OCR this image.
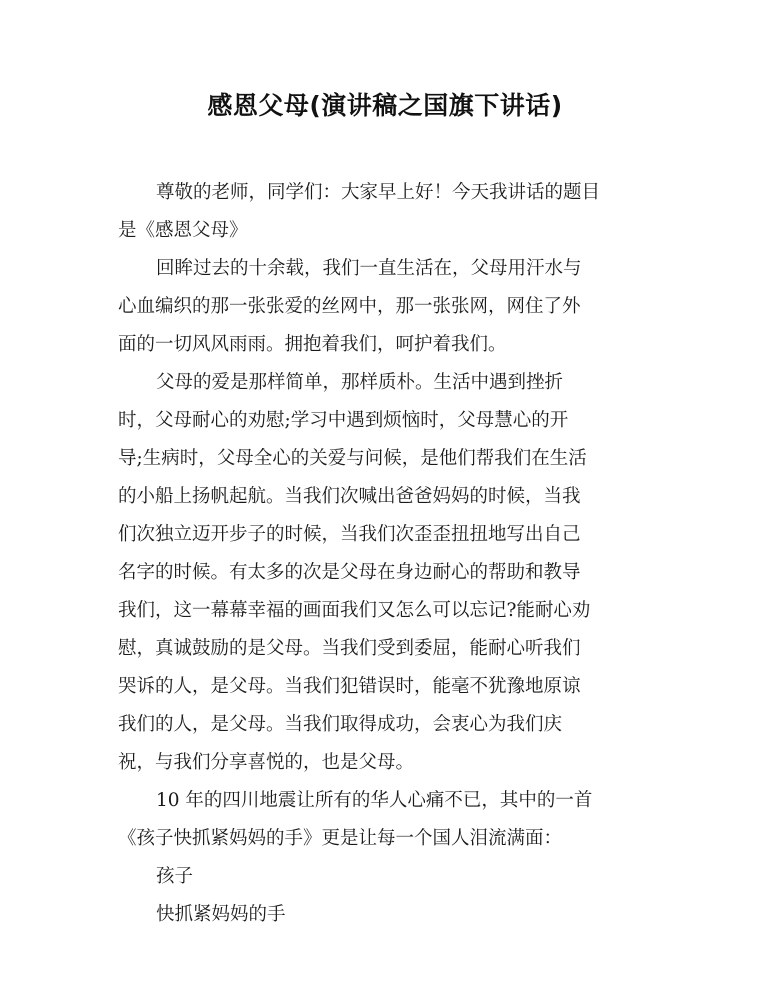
感恩父母(演讲稿之国旗下讲话)
尊敬的老师，同学们：大家早上好！今天我讲话的题目
是《感恩父母》
回眸过去的十余载，我们一直生活在，父母用汗水与
心血编织的那一张张爱的丝网中，那一张张网，网住了外
面的一切风风雨雨。拥抱着我们，呵护着我们。
父母的爱是那样简单，那样质朴。生活中遇到挫折
时，父母耐心的劝慰;学习中遇到烦恼时，父母慧心的开
导;生病时，父母全心的关爱与问候，是他们帮我们在生活
的小船上扬帆起航。当我们次喊出爸爸妈妈的时候，当我
们次独立迈开步子的时候，当我们次歪歪扭扭地写出自己
名字的时候。有太多的次是父母在身边耐心的帮助和教导
我们，这一幕幕幸福的画面我们又怎么可以忘记?能耐心劝
慰，真诚鼓励的是父母。当我们受到委屈，能耐心听我们
哭诉的人，是父母。当我们犯错误时，能毫不犹豫地原谅
我们的人，是父母。当我们取得成功，会衷心为我们庆
祝，与我们分享喜悦的，也是父母。
10 年的四川地震让所有的华人心痛不已，其中的一首
《孩子快抓紧妈妈的手》更是让每一个国人泪流满面：
孩子
快抓紧妈妈的手
